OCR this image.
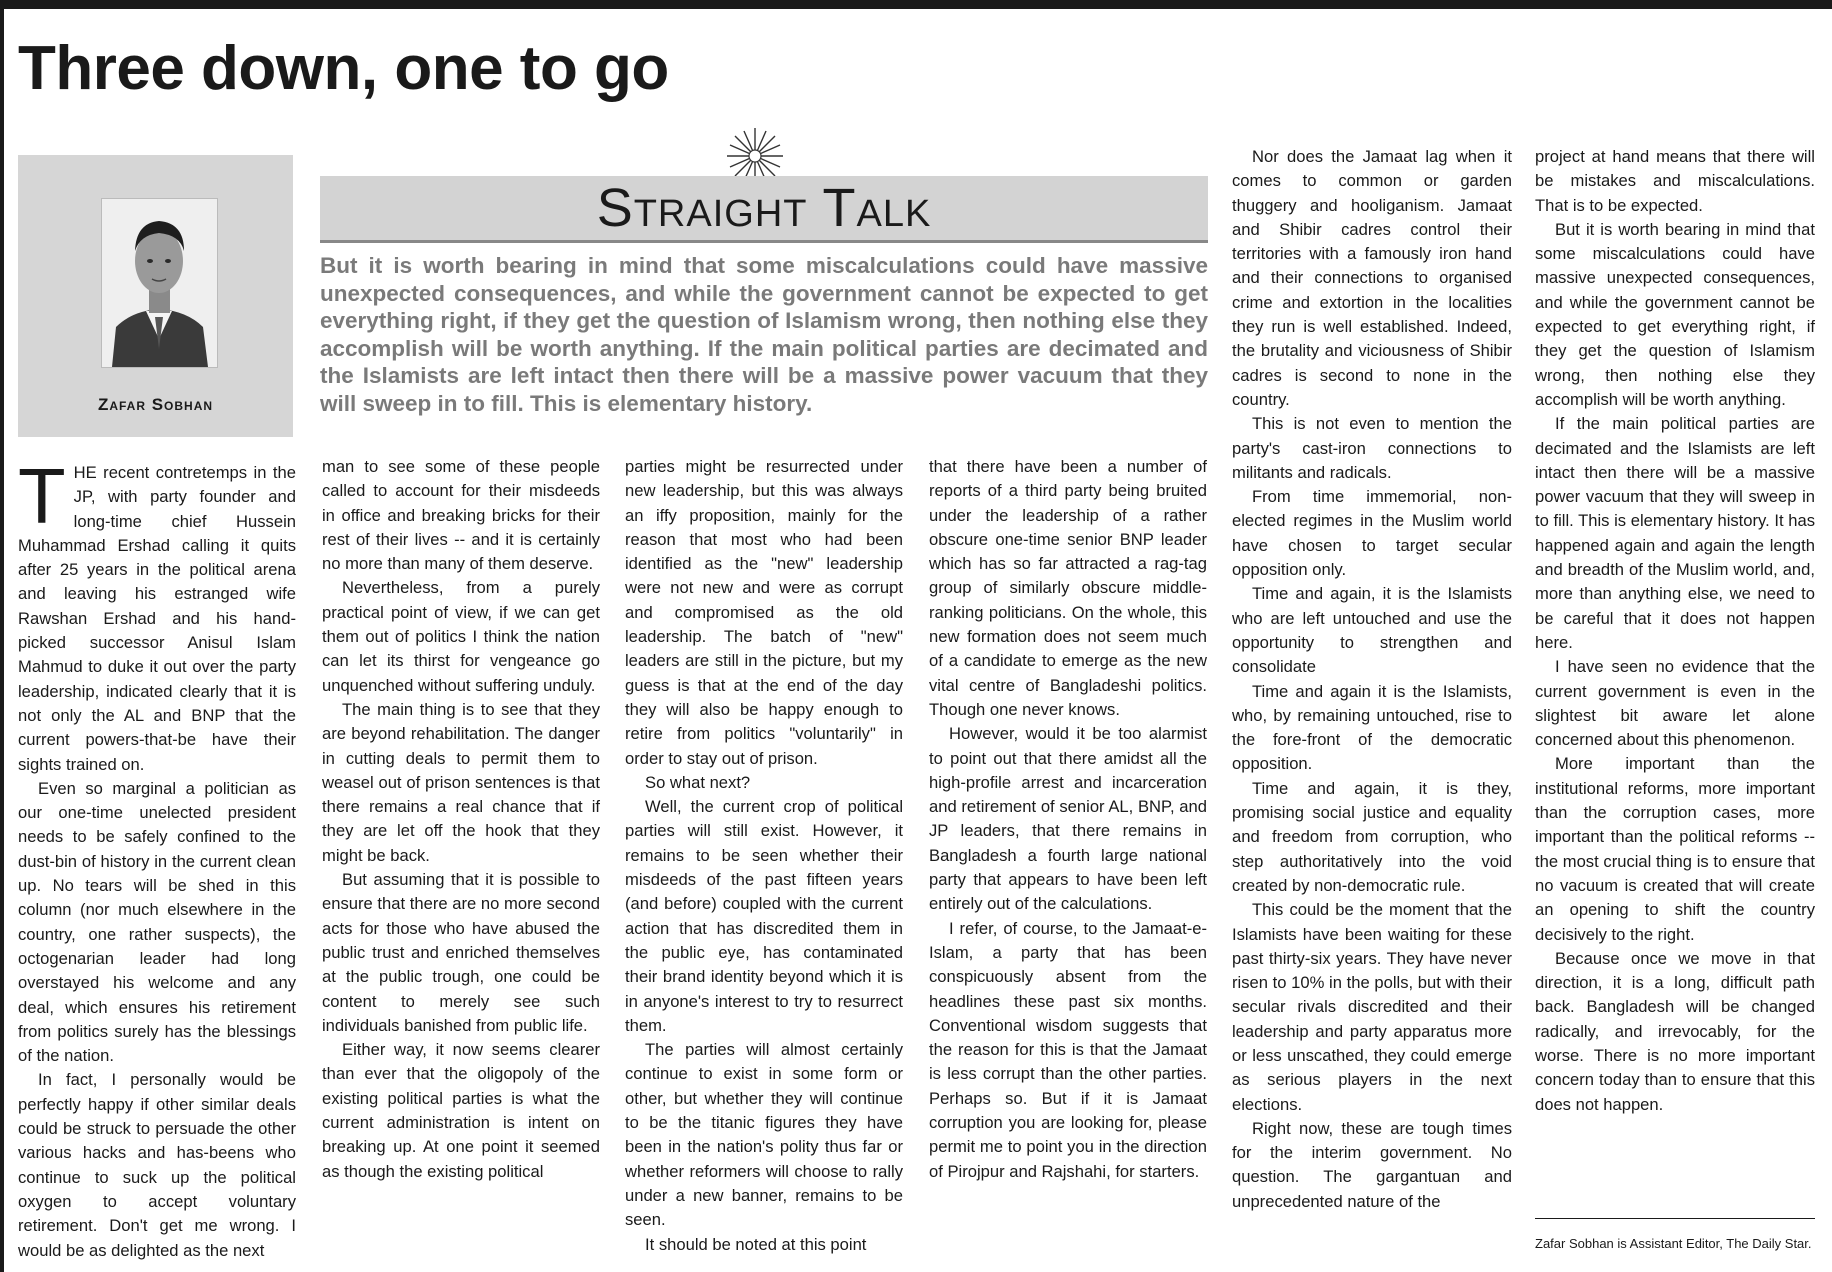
Three down, one to go
Zafar Sobhan
Straight Talk
But it is worth bearing in mind that some miscalculations could have massive unexpected consequences, and while the government cannot be expected to get everything right, if they get the question of Islamism wrong, then nothing else they accomplish will be worth anything. If the main political parties are decimated and the Islamists are left intact then there will be a massive power vacuum that they will sweep in to fill. This is elementary history.

THE recent contretemps in the JP, with party founder and long-time chief Hussein Muhammad Ershad calling it quits after 25 years in the political arena and leaving his estranged wife Rawshan Ershad and his hand-picked successor Anisul Islam Mahmud to duke it out over the party leadership, indicated clearly that it is not only the AL and BNP that the current powers-that-be have their sights trained on.

Even so marginal a politician as our one-time unelected president needs to be safely confined to the dust-bin of history in the current clean up. No tears will be shed in this column (nor much elsewhere in the country, one rather suspects), the octogenarian leader had long overstayed his welcome and any deal, which ensures his retirement from politics surely has the blessings of the nation.

In fact, I personally would be perfectly happy if other similar deals could be struck to persuade the other various hacks and has-beens who continue to suck up the political oxygen to accept voluntary retirement. Don't get me wrong. I would be as delighted as the next

man to see some of these people called to account for their misdeeds in office and breaking bricks for their rest of their lives -- and it is certainly no more than many of them deserve.

Nevertheless, from a purely practical point of view, if we can get them out of politics I think the nation can let its thirst for vengeance go unquenched without suffering unduly.

The main thing is to see that they are beyond rehabilitation. The danger in cutting deals to permit them to weasel out of prison sentences is that there remains a real chance that if they are let off the hook that they might be back.

But assuming that it is possible to ensure that there are no more second acts for those who have abused the public trust and enriched themselves at the public trough, one could be content to merely see such individuals banished from public life.

Either way, it now seems clearer than ever that the oligopoly of the existing political parties is what the current administration is intent on breaking up. At one point it seemed as though the existing political

parties might be resurrected under new leadership, but this was always an iffy proposition, mainly for the reason that most who had been identified as the "new" leadership were not new and were as corrupt and compromised as the old leadership. The batch of "new" leaders are still in the picture, but my guess is that at the end of the day they will also be happy enough to retire from politics "voluntarily" in order to stay out of prison.

So what next?

Well, the current crop of political parties will still exist. However, it remains to be seen whether their misdeeds of the past fifteen years (and before) coupled with the current action that has discredited them in the public eye, has contaminated their brand identity beyond which it is in anyone's interest to try to resurrect them.

The parties will almost certainly continue to exist in some form or other, but whether they will continue to be the titanic figures they have been in the nation's polity thus far or whether reformers will choose to rally under a new banner, remains to be seen.

It should be noted at this point

that there have been a number of reports of a third party being bruited under the leadership of a rather obscure one-time senior BNP leader which has so far attracted a rag-tag group of similarly obscure middle-ranking politicians. On the whole, this new formation does not seem much of a candidate to emerge as the new vital centre of Bangladeshi politics. Though one never knows.

However, would it be too alarmist to point out that there amidst all the high-profile arrest and incarceration and retirement of senior AL, BNP, and JP leaders, that there remains in Bangladesh a fourth large national party that appears to have been left entirely out of the calculations.

I refer, of course, to the Jamaat-e-Islam, a party that has been conspicuously absent from the headlines these past six months. Conventional wisdom suggests that the reason for this is that the Jamaat is less corrupt than the other parties. Perhaps so. But if it is Jamaat corruption you are looking for, please permit me to point you in the direction of Pirojpur and Rajshahi, for starters.

Nor does the Jamaat lag when it comes to common or garden thuggery and hooliganism. Jamaat and Shibir cadres control their territories with a famously iron hand and their connections to organised crime and extortion in the localities they run is well established. Indeed, the brutality and viciousness of Shibir cadres is second to none in the country.

This is not even to mention the party's cast-iron connections to militants and radicals.

From time immemorial, non-elected regimes in the Muslim world have chosen to target secular opposition only.

Time and again, it is the Islamists who are left untouched and use the opportunity to strengthen and consolidate

Time and again it is the Islamists, who, by remaining untouched, rise to the fore-front of the democratic opposition.

Time and again, it is they, promising social justice and equality and freedom from corruption, who step authoritatively into the void created by non-democratic rule.

This could be the moment that the Islamists have been waiting for these past thirty-six years. They have never risen to 10% in the polls, but with their secular rivals discredited and their leadership and party apparatus more or less unscathed, they could emerge as serious players in the next elections.

Right now, these are tough times for the interim government. No question. The gargantuan and unprecedented nature of the

project at hand means that there will be mistakes and miscalculations. That is to be expected.

But it is worth bearing in mind that some miscalculations could have massive unexpected consequences, and while the government cannot be expected to get everything right, if they get the question of Islamism wrong, then nothing else they accomplish will be worth anything.

If the main political parties are decimated and the Islamists are left intact then there will be a massive power vacuum that they will sweep in to fill. This is elementary history. It has happened again and again the length and breadth of the Muslim world, and, more than anything else, we need to be careful that it does not happen here.

I have seen no evidence that the current government is even in the slightest bit aware let alone concerned about this phenomenon.

More important than the institutional reforms, more important than the corruption cases, more important than the political reforms -- the most crucial thing is to ensure that no vacuum is created that will create an opening to shift the country decisively to the right.

Because once we move in that direction, it is a long, difficult path back. Bangladesh will be changed radically, and irrevocably, for the worse. There is no more important concern today than to ensure that this does not happen.

Zafar Sobhan is Assistant Editor, The Daily Star.
